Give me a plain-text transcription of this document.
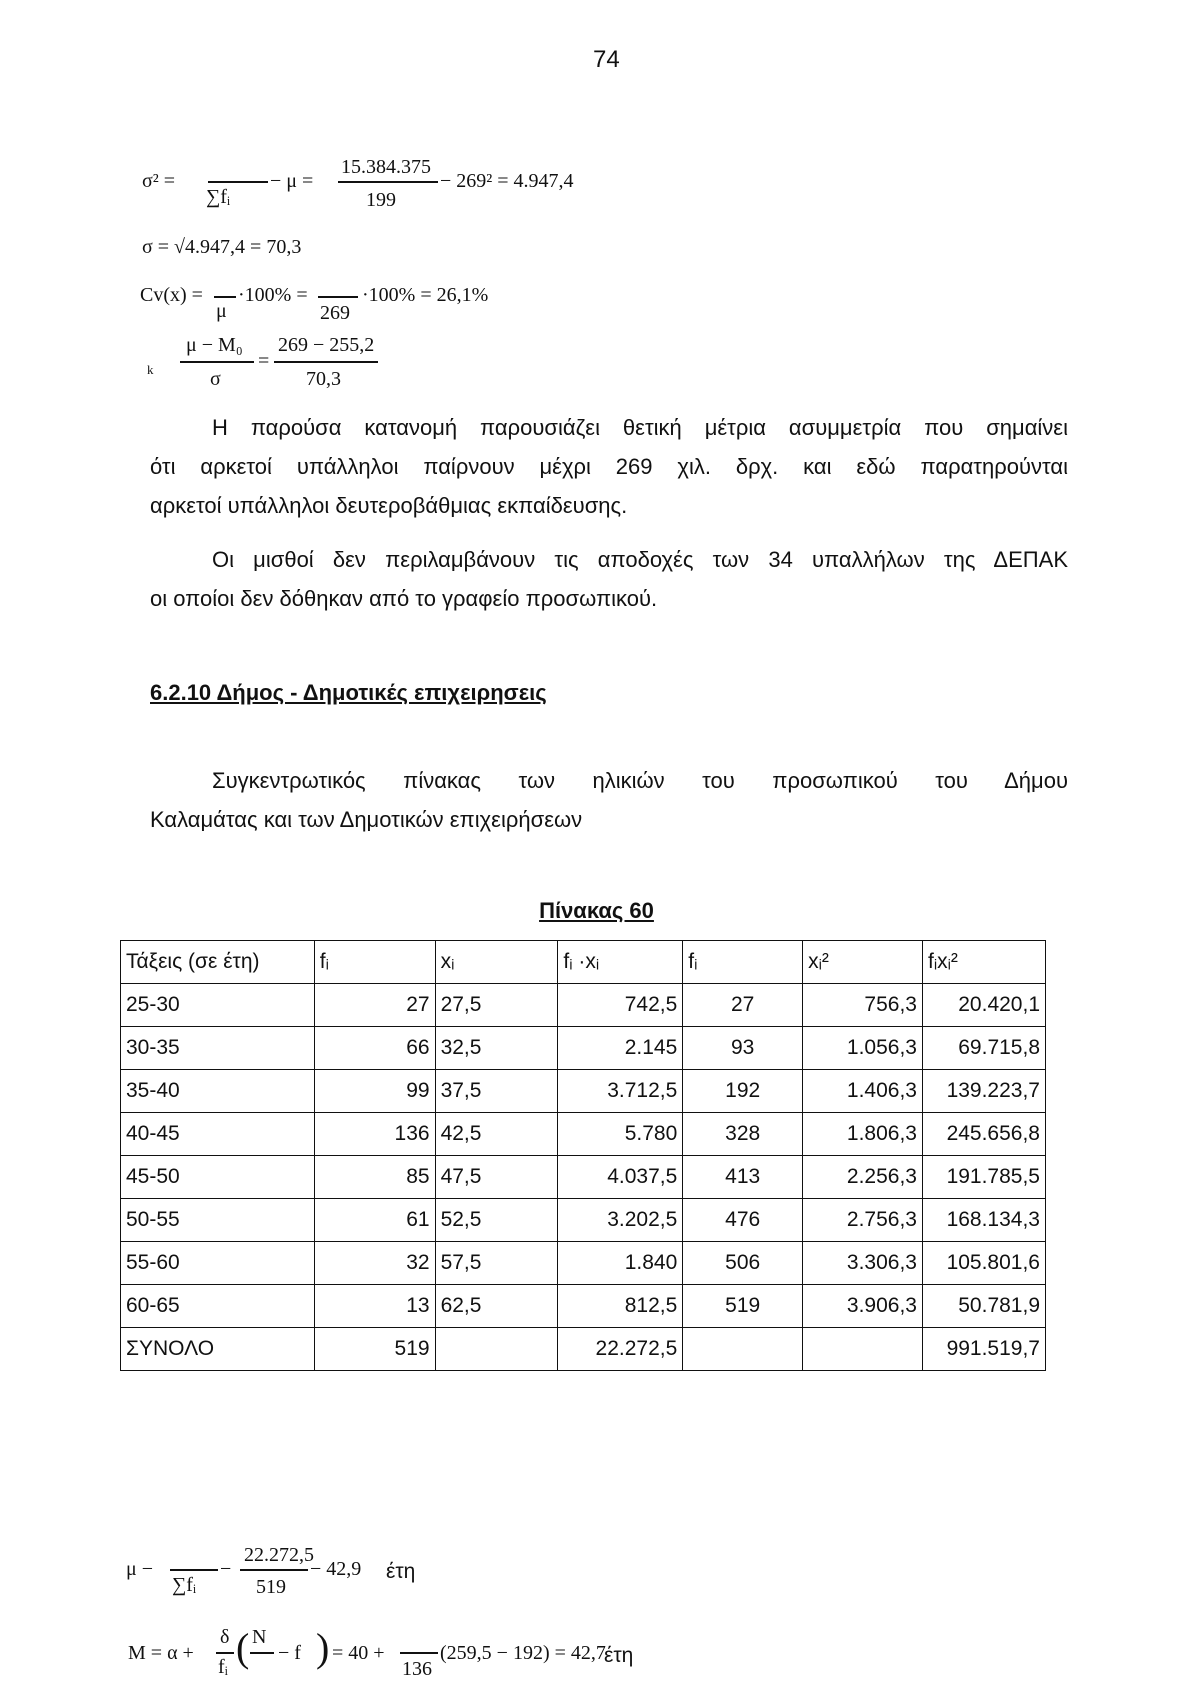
74
σ² =
∑fᵢ
− μ =
15.384.375
199
− 269² = 4.947,4
σ = √4.947,4 = 70,3
Cv(x) =
μ
·100% =
269
·100% = 26,1%
k
μ − M₀
σ
=
269 − 255,2
70,3

Η παρούσα κατανομή παρουσιάζει θετική μέτρια ασυμμετρία που σημαίνει

ότι αρκετοί υπάλληλοι παίρνουν μέχρι 269 χιλ. δρχ. και εδώ παρατηρούνται

αρκετοί υπάλληλοι δευτεροβάθμιας εκπαίδευσης.

Οι μισθοί δεν περιλαμβάνουν τις αποδοχές των 34 υπαλλήλων της ΔΕΠΑΚ

οι οποίοι δεν δόθηκαν από το γραφείο προσωπικού.

6.2.10 Δήμος - Δημοτικές επιχειρησεις

Συγκεντρωτικός πίνακας των ηλικιών του προσωπικού του Δήμου

Καλαμάτας και των Δημοτικών επιχειρήσεων

Πίνακας 60
Τάξεις (σε έτη)	fᵢ	xᵢ	fᵢ ·xᵢ	fᵢ	xᵢ²	fᵢxᵢ²
25-30	27	27,5	742,5	27	756,3	20.420,1
30-35	66	32,5	2.145	93	1.056,3	69.715,8
35-40	99	37,5	3.712,5	192	1.406,3	139.223,7
40-45	136	42,5	5.780	328	1.806,3	245.656,8
45-50	85	47,5	4.037,5	413	2.256,3	191.785,5
50-55	61	52,5	3.202,5	476	2.756,3	168.134,3
55-60	32	57,5	1.840	506	3.306,3	105.801,6
60-65	13	62,5	812,5	519	3.906,3	50.781,9
ΣΥΝΟΛΟ	519		22.272,5			991.519,7
μ −
∑fᵢ
−
22.272,5
519
− 42,9 έτη
M = α +
δ
fᵢ ( N
− f ) = 40 +
136
(259,5 − 192) = 42,7
έτη
